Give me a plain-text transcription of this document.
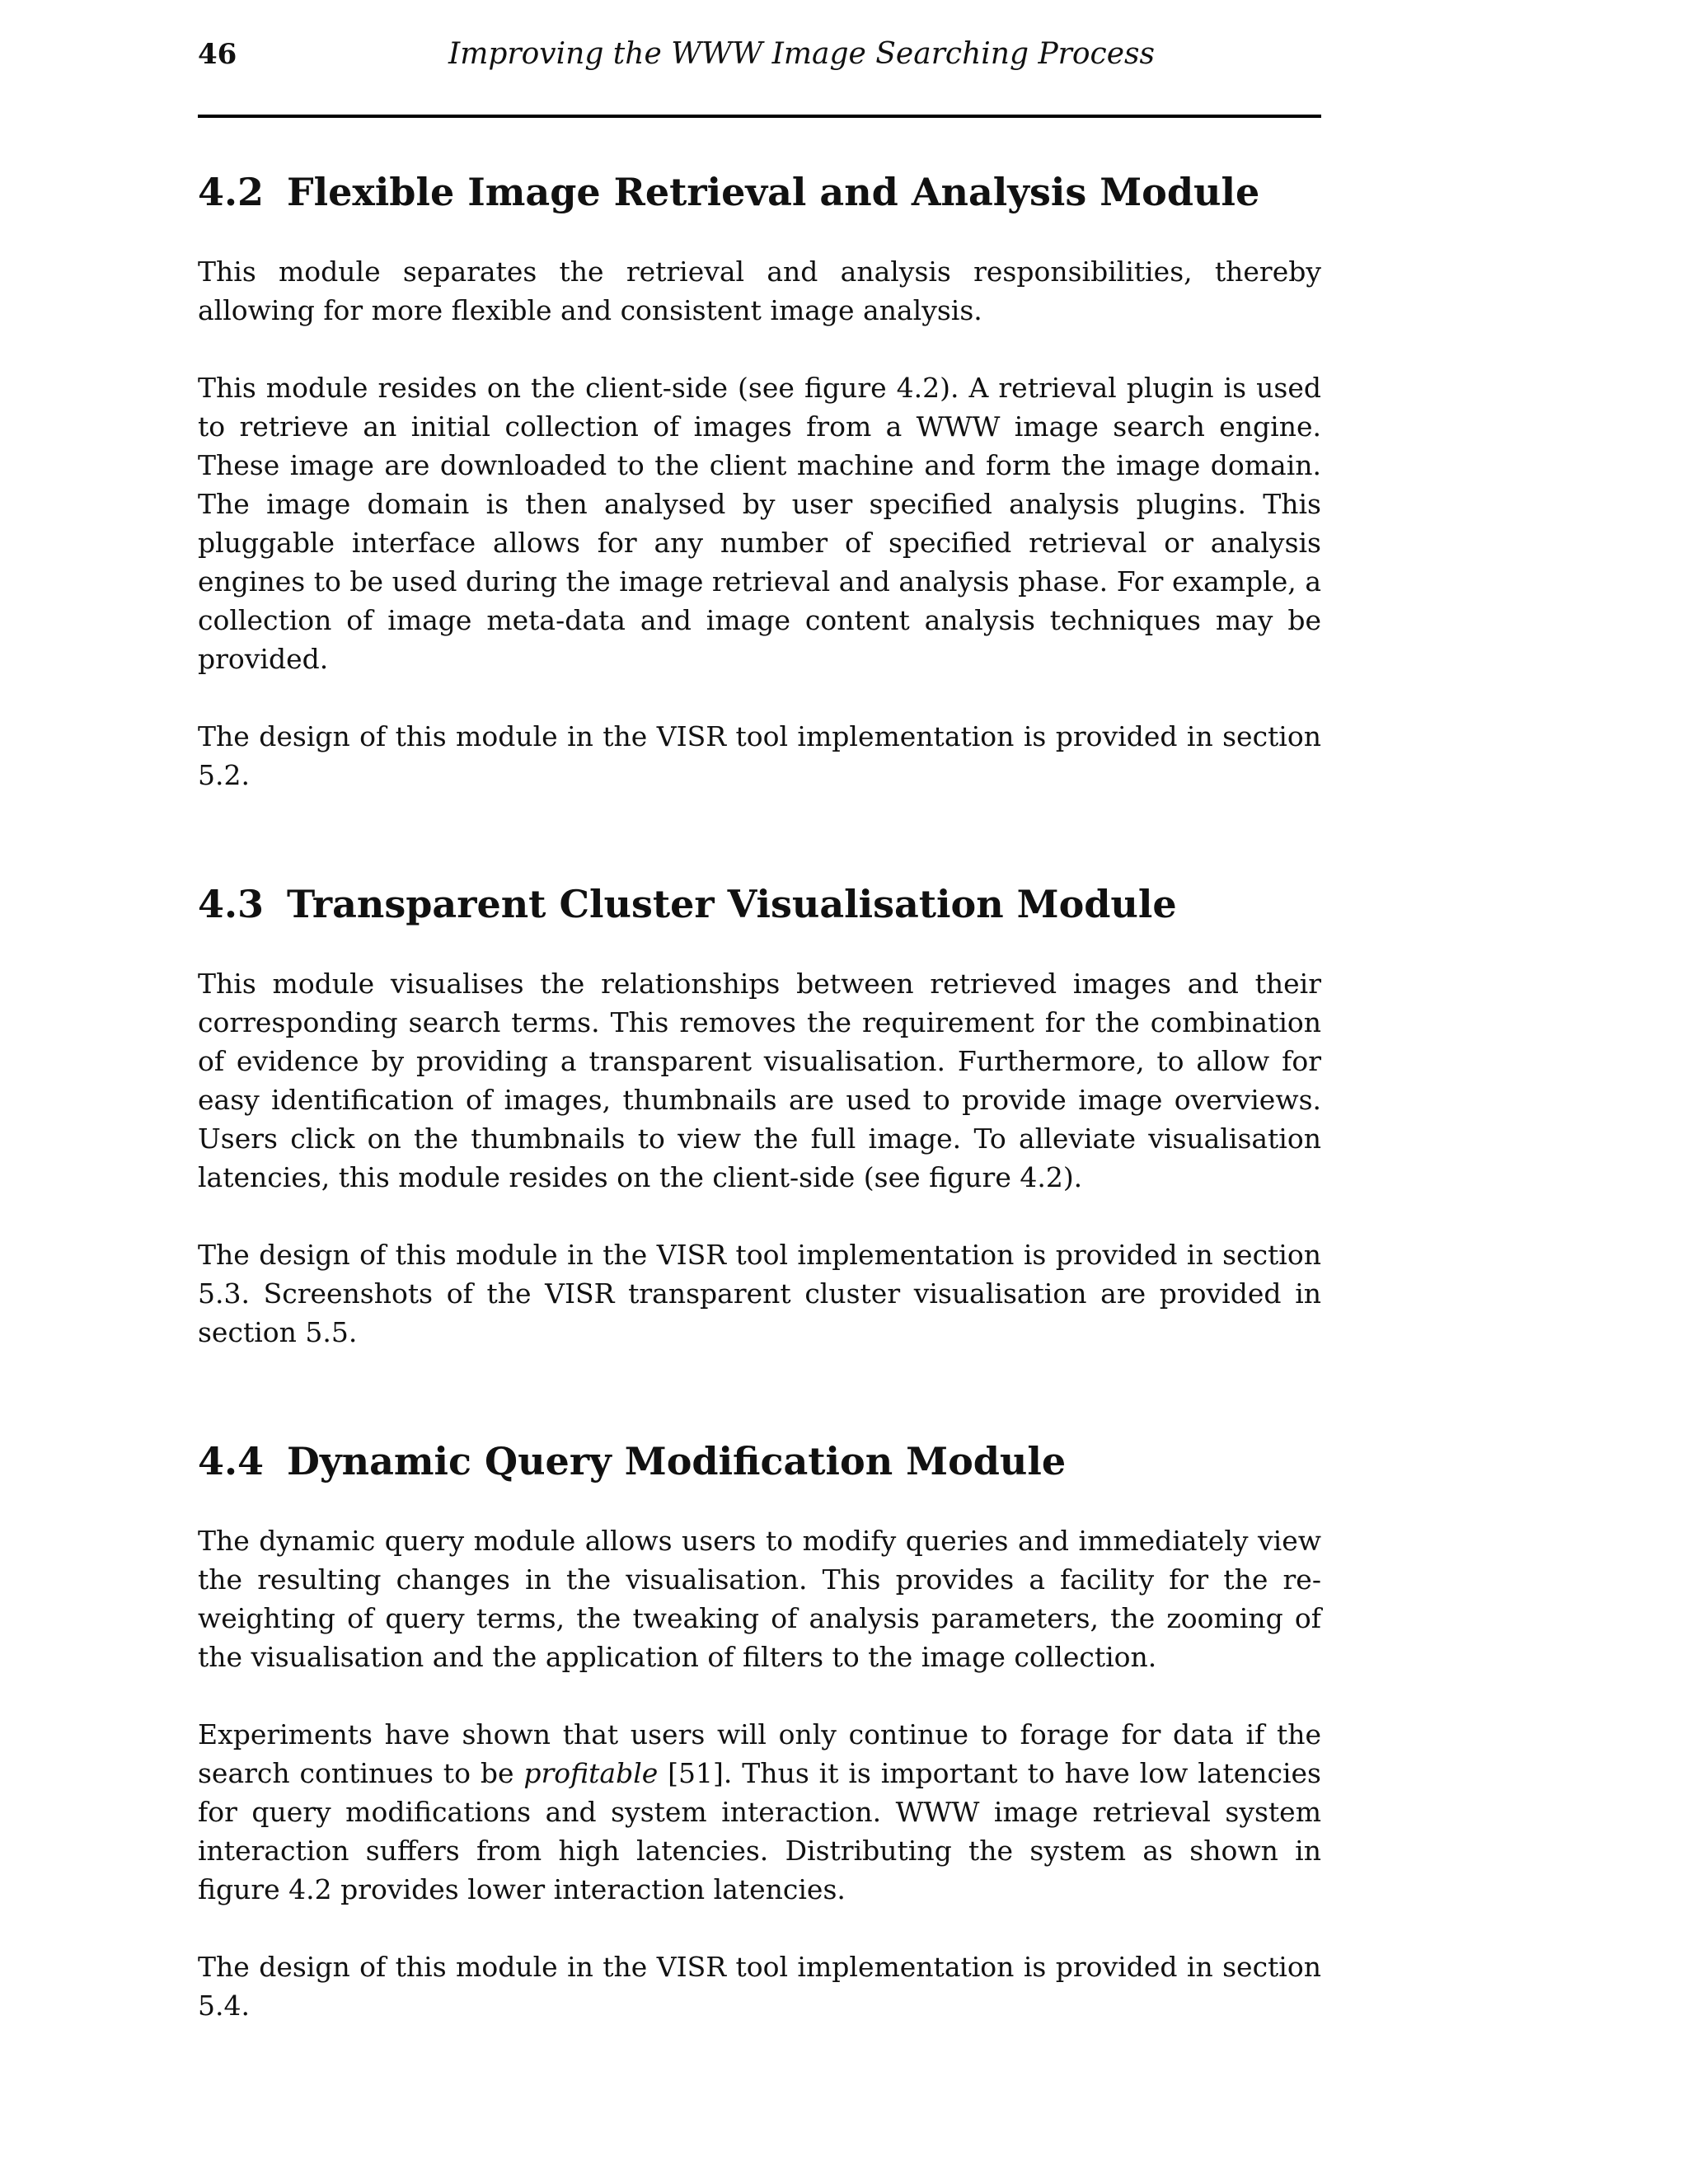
46	Improving the WWW Image Searching Process
4.2 Flexible Image Retrieval and Analysis Module

This module separates the retrieval and analysis responsibilities, thereby allowing for more flexible and consistent image analysis.

This module resides on the client-side (see figure 4.2). A retrieval plugin is used to retrieve an initial collection of images from a WWW image search engine. These image are downloaded to the client machine and form the image domain. The image domain is then analysed by user specified analysis plugins. This pluggable interface allows for any number of specified retrieval or analysis engines to be used during the image retrieval and analysis phase. For example, a collection of image meta-data and image content analysis techniques may be provided.

The design of this module in the VISR tool implementation is provided in section 5.2.

4.3 Transparent Cluster Visualisation Module

This module visualises the relationships between retrieved images and their corresponding search terms. This removes the requirement for the combination of evidence by providing a transparent visualisation. Furthermore, to allow for easy identification of images, thumbnails are used to provide image overviews. Users click on the thumbnails to view the full image. To alleviate visualisation latencies, this module resides on the client-side (see figure 4.2).

The design of this module in the VISR tool implementation is provided in section 5.3. Screenshots of the VISR transparent cluster visualisation are provided in section 5.5.

4.4 Dynamic Query Modification Module

The dynamic query module allows users to modify queries and immediately view the resulting changes in the visualisation. This provides a facility for the re-weighting of query terms, the tweaking of analysis parameters, the zooming of the visualisation and the application of filters to the image collection.

Experiments have shown that users will only continue to forage for data if the search continues to be profitable [51]. Thus it is important to have low latencies for query modifications and system interaction. WWW image retrieval system interaction suffers from high latencies. Distributing the system as shown in figure 4.2 provides lower interaction latencies.

The design of this module in the VISR tool implementation is provided in section 5.4.
